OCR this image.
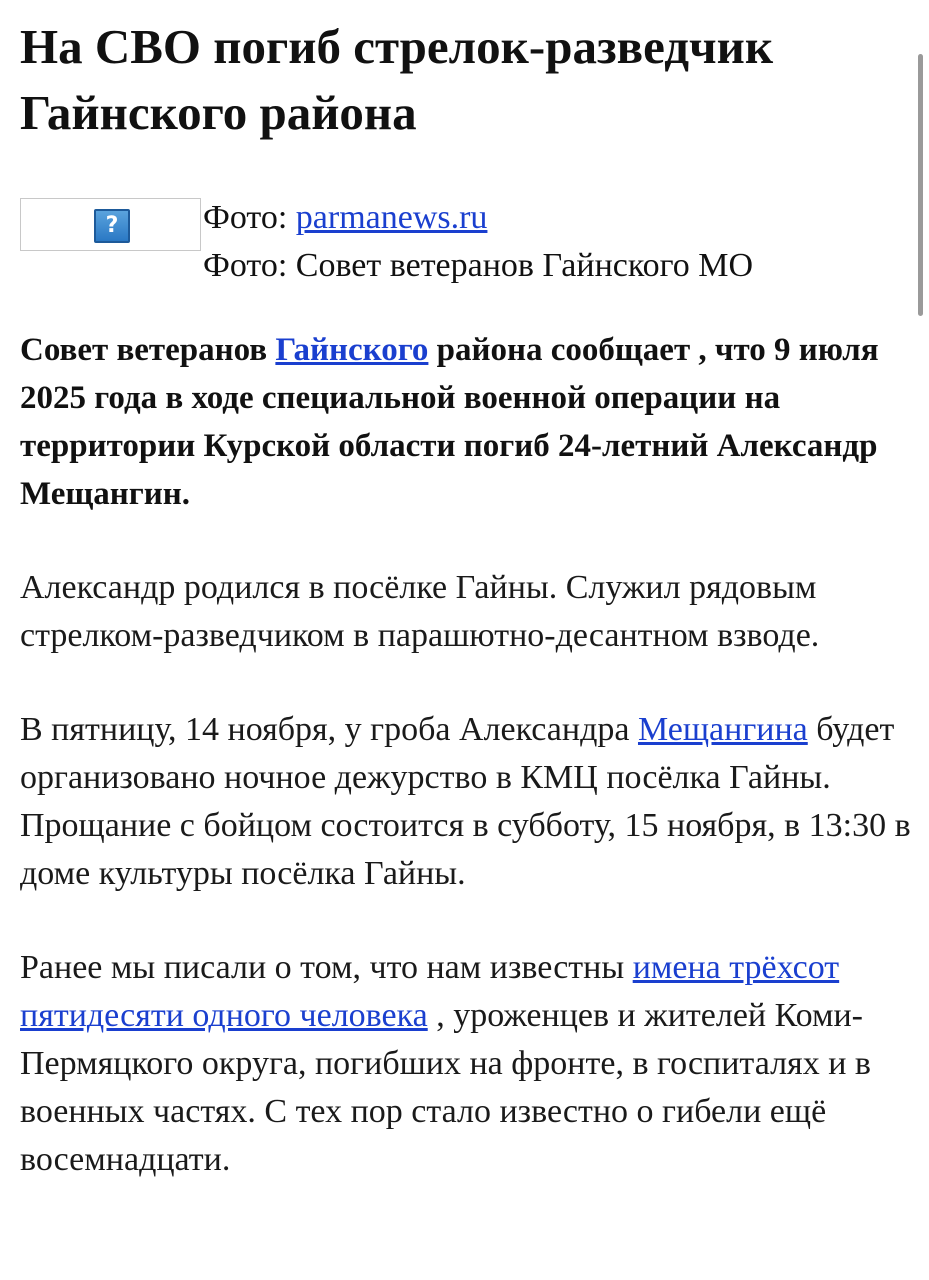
На СВО погиб стрелок-разведчик Гайнского района
?	Фото: parmanews.ru
Фото: Совет ветеранов Гайнского МО

Совет ветеранов Гайнского района сообщает , что 9 июля 2025 года в ходе специальной военной операции на территории Курской области погиб 24-летний Александр Мещангин.

Александр родился в посёлке Гайны. Служил рядовым стрелком-разведчиком в парашютно-десантном взводе.

В пятницу, 14 ноября, у гроба Александра Мещангина будет организовано ночное дежурство в КМЦ посёлка Гайны. Прощание с бойцом состоится в субботу, 15 ноября, в 13:30 в доме культуры посёлка Гайны.

Ранее мы писали о том, что нам известны имена трёхсот пятидесяти одного человека , уроженцев и жителей Коми-Пермяцкого округа, погибших на фронте, в госпиталях и в военных частях. С тех пор стало известно о гибели ещё восемнадцати.
